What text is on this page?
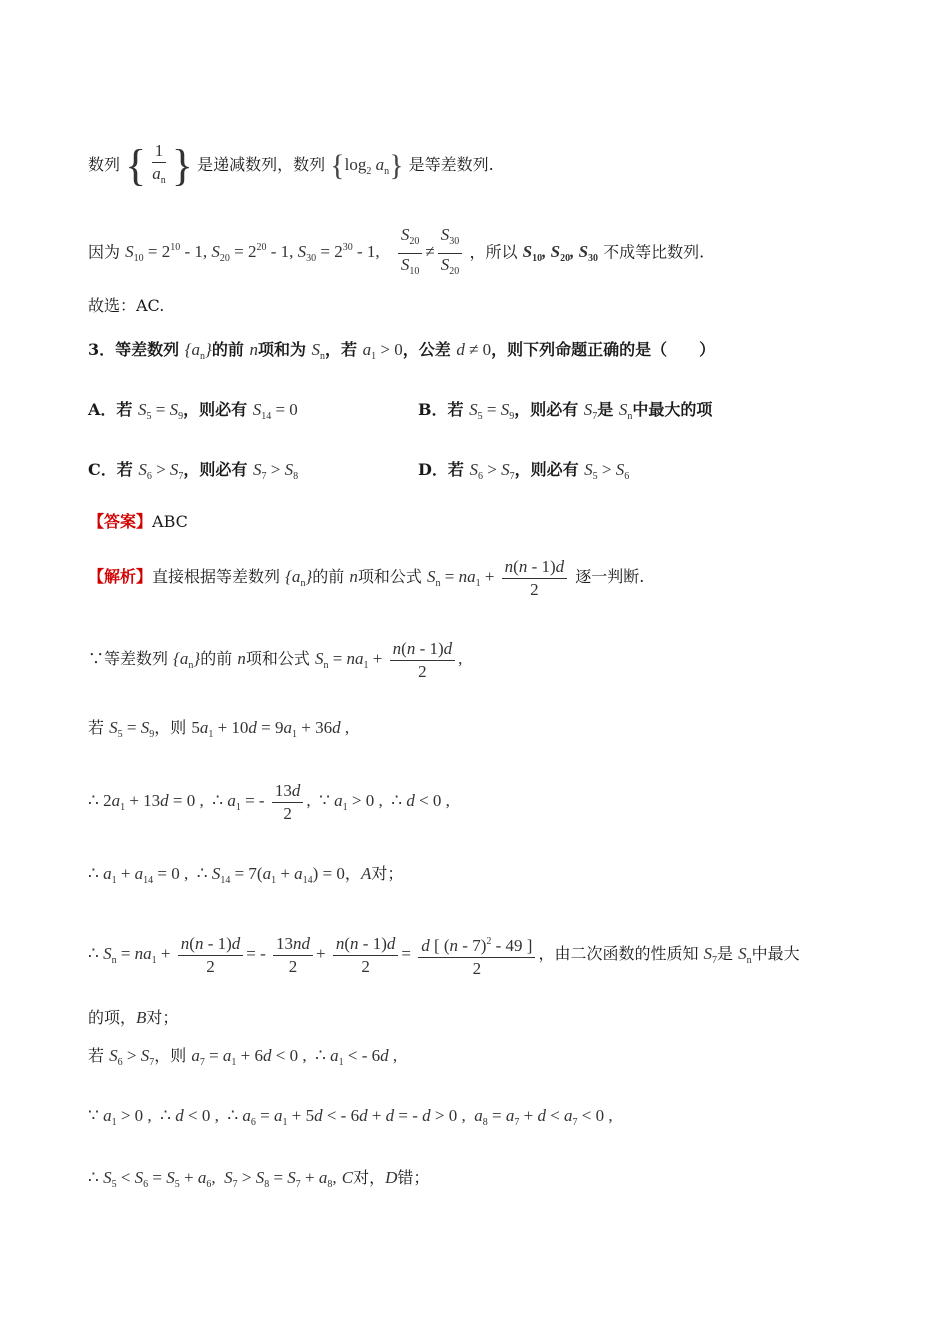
数列 { $\frac{1}{a_n}$ } 是递减数列，数列 {$\log_2$ $a_n$} 是等差数列.
因为 $S_{10} = 2^{10} - 1$, $S_{20} = 2^{20} - 1$, $S_{30} = 2^{30} - 1$, $\frac{S_{20}}{S_{10}} \ne \frac{S_{30}}{S_{20}}$ ，所以 $S_{10}$, $S_{20}$, $S_{30}$ 不成等比数列.
故选：AC.
3．等差数列 $\{a_n\}$的前 n项和为 $S_n$，若 $a_1 > 0$，公差 d ≠ 0，则下列命题正确的是（　　）
A．若 $S_5 = S_9$，则必有 $S_{14} = 0$	B．若 $S_5 = S_9$，则必有 $S_7$是 $S_n$中最大的项
C．若 $S_6 > S_7$，则必有 $S_7 > S_8$	D．若 $S_6 > S_7$，则必有 $S_5 > S_6$
【答案】ABC
【解析】直接根据等差数列 $\{a_n\}$的前 n项和公式 $S_n = na_1 + \frac{n(n - 1)d}{2}$ 逐一判断.
∵等差数列 $\{a_n\}$的前 n项和公式 $S_n = na_1 + \frac{n(n - 1)d}{2}$ ,
若 $S_5 = S_9$，则 $5a_1 + 10d = 9a_1 + 36d$ ,
∴ $2a_1 + 13d = 0$ ,  ∴ $a_1$ = - $\frac{13d}{2}$ ,  ∵ $a_1 > 0$ ,  ∴ d < 0 ,
∴ $a_1 + a_{14} = 0$ ,  ∴ $S_{14} = 7(a_1 + a_{14}) = 0$，A对；
∴ $S_n = na_1 + \frac{n(n - 1)d}{2}$ = - $\frac{13nd}{2} + \frac{n(n - 1)d}{2} = \frac{d [ (n - 7)^2 - 49 ]}{2}$ ，由二次函数的性质知 $S_7$是 $S_n$中最大
的项，B对；
若 $S_6 > S_7$，则 $a_7 = a_1 + 6d < 0$ ,  ∴ $a_1$ < - 6d ,
∵ $a_1 > 0$ ,  ∴ d < 0 ,  ∴ $a_6 = a_1 + 5d$ < - 6d + d = - d > 0 ,  $a_8 = a_7 + d < a_7 < 0$ ,
∴ $S_5 < S_6 = S_5 + a_6$,  $S_7 > S_8 = S_7 + a_8$, C对，D错；
